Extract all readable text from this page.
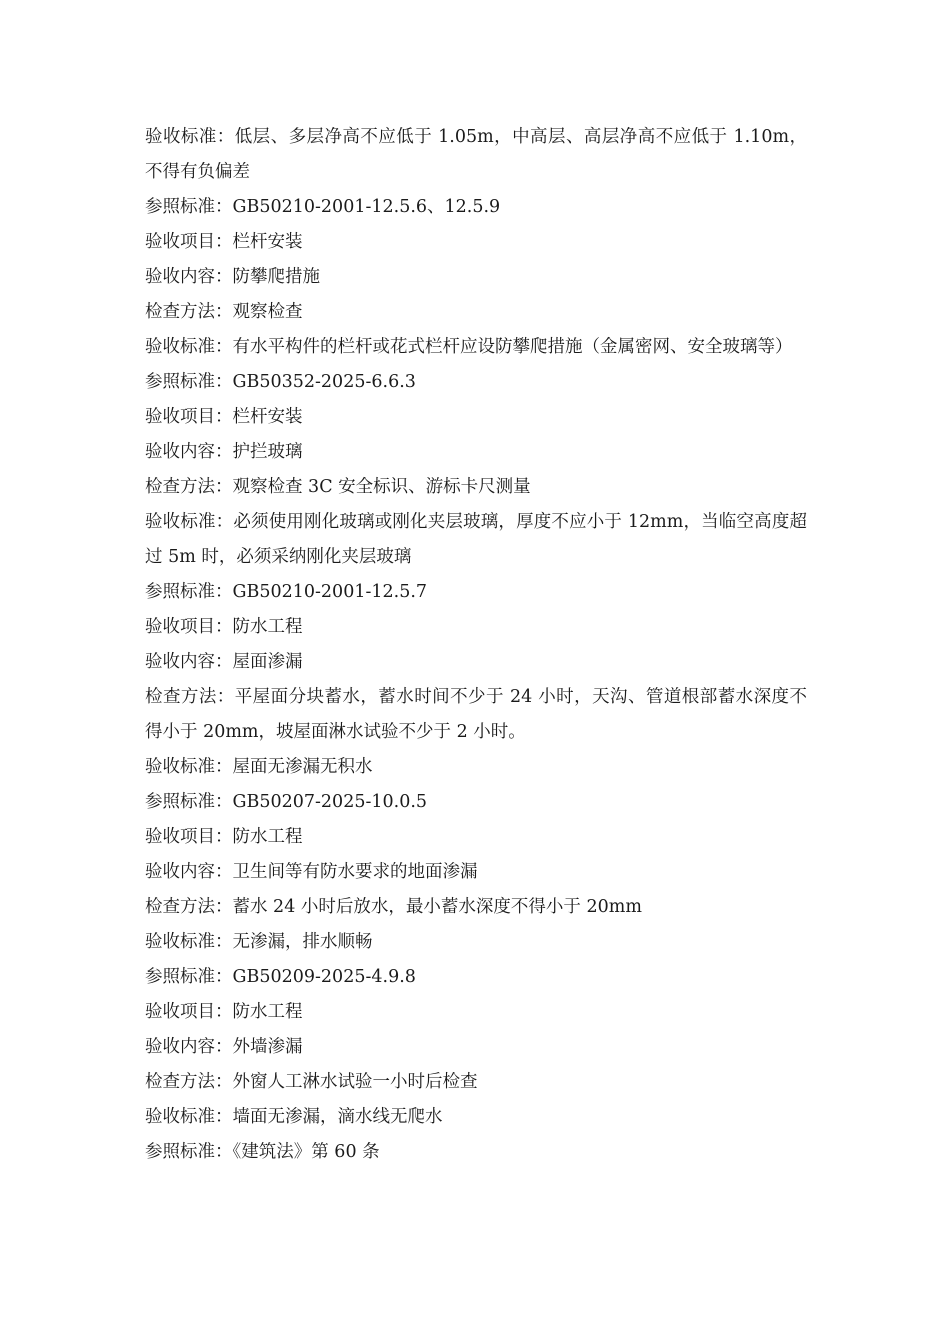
验收标准：低层、多层净高不应低于 1.05m，中高层、高层净高不应低于 1.10m，不得有负偏差

参照标准：GB50210-2001-12.5.6、12.5.9

验收项目：栏杆安装

验收内容：防攀爬措施

检查方法：观察检查

验收标准：有水平构件的栏杆或花式栏杆应设防攀爬措施（金属密网、安全玻璃等）

参照标准：GB50352-2025-6.6.3

验收项目：栏杆安装

验收内容：护拦玻璃

检查方法：观察检查 3C 安全标识、游标卡尺测量

验收标准：必须使用刚化玻璃或刚化夹层玻璃，厚度不应小于 12mm，当临空高度超过 5m 时，必须采纳刚化夹层玻璃

参照标准：GB50210-2001-12.5.7

验收项目：防水工程

验收内容：屋面渗漏

检查方法：平屋面分块蓄水，蓄水时间不少于 24 小时，天沟、管道根部蓄水深度不得小于 20mm，坡屋面淋水试验不少于 2 小时。

验收标准：屋面无渗漏无积水

参照标准：GB50207-2025-10.0.5

验收项目：防水工程

验收内容：卫生间等有防水要求的地面渗漏

检查方法：蓄水 24 小时后放水，最小蓄水深度不得小于 20mm

验收标准：无渗漏，排水顺畅

参照标准：GB50209-2025-4.9.8

验收项目：防水工程

验收内容：外墙渗漏

检查方法：外窗人工淋水试验一小时后检查

验收标准：墙面无渗漏，滴水线无爬水

参照标准：《建筑法》第 60 条
